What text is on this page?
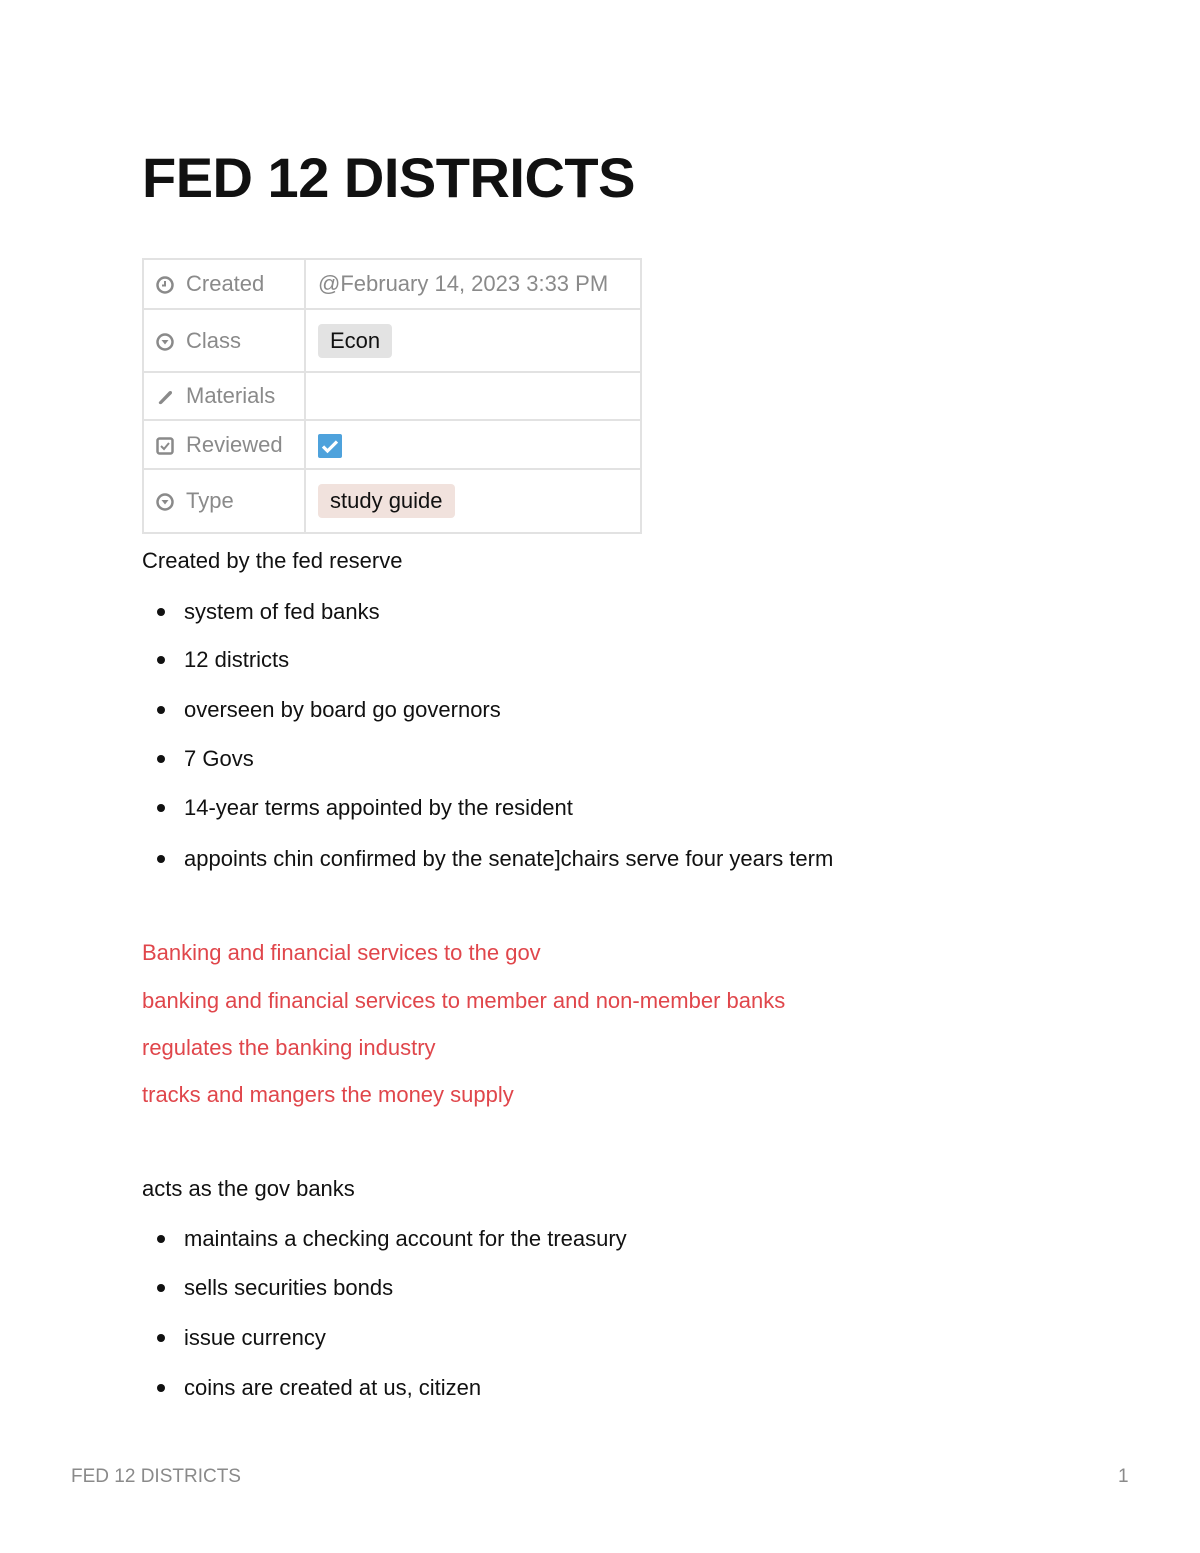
FED 12 DISTRICTS
Created	@February 14, 2023 3:33 PM
Class	Econ
Materials	
Reviewed	
Type	study guide
Created by the fed reserve
system of fed banks
12 districts
overseen by board go governors
7 Govs
14-year terms appointed by the resident
appoints chin confirmed by the senate]chairs serve four years term
Banking and financial services to the gov
banking and financial services to member and non-member banks
regulates the banking industry
tracks and mangers the money supply
acts as the gov banks
maintains a checking account for the treasury
sells securities bonds
issue currency
coins are created at us, citizen
FED 12 DISTRICTS	1
